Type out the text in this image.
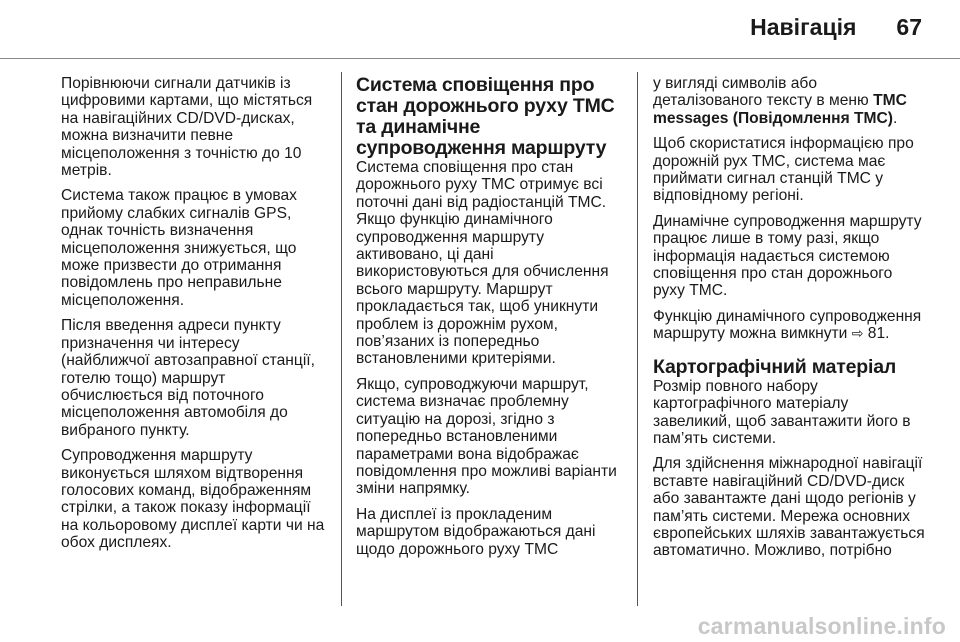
Навігація 67

Порівнюючи сигнали датчиків із цифровими картами, що містяться на навігаційних CD/DVD-дисках, можна визначити певне місцеположення з точністю до 10 метрів.

Система також працює в умовах прийому слабких сигналів GPS, однак точність визначення місцеположення знижується, що може призвести до отримання повідомлень про неправильне місцеположення.

Після введення адреси пункту призначення чи інтересу (найближчої автозаправної станції, готелю тощо) маршрут обчислюється від поточного місцеположення автомобіля до вибраного пункту.

Супроводження маршруту виконується шляхом відтворення голосових команд, відображенням стрілки, а також показу інформації на кольоровому дисплеї карти чи на обох дисплеях.

Система сповіщення про стан дорожнього руху TMC та динамічне супроводження маршруту

Система сповіщення про стан дорожнього руху TMC отримує всі поточні дані від радіостанцій TMC. Якщо функцію динамічного супроводження маршруту активовано, ці дані використовуються для обчислення всього маршруту. Маршрут прокладається так, щоб уникнути проблем із дорожнім рухом, пов’язаних із попередньо встановленими критеріями.

Якщо, супроводжуючи маршрут, система визначає проблемну ситуацію на дорозі, згідно з попередньо встановленими параметрами вона відображає повідомлення про можливі варіанти зміни напрямку.

На дисплеї із прокладеним маршрутом відображаються дані щодо дорожнього руху TMC

у вигляді символів або деталізованого тексту в меню TMC messages (Повідомлення TMC).

Щоб скористатися інформацією про дорожній рух TMC, система має приймати сигнал станцій TMC у відповідному регіоні.

Динамічне супроводження маршруту працює лише в тому разі, якщо інформація надається системою сповіщення про стан дорожнього руху TMC.

Функцію динамічного супроводження маршруту можна вимкнути ⇨ 81.

Картографічний матеріал

Розмір повного набору картографічного матеріалу завеликий, щоб завантажити його в пам’ять системи.

Для здійснення міжнародної навігації вставте навігаційний CD/DVD-диск або завантажте дані щодо регіонів у пам’ять системи. Мережа основних європейських шляхів завантажується автоматично. Можливо, потрібно

carmanualsonline.info
